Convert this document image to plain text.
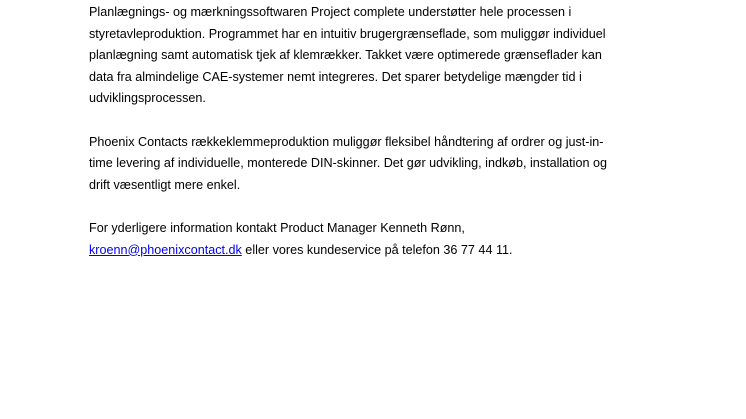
Planlægnings- og mærkningssoftwaren Project complete understøtter hele processen i styretavleproduktion. Programmet har en intuitiv brugergrænseflade, som muliggør individuel planlægning samt automatisk tjek af klemrækker. Takket være optimerede grænseflader kan data fra almindelige CAE-systemer nemt integreres. Det sparer betydelige mængder tid i udviklingsprocessen.

Phoenix Contacts rækkeklemmeproduktion muliggør fleksibel håndtering af ordrer og just-in-time levering af individuelle, monterede DIN-skinner. Det gør udvikling, indkøb, installation og drift væsentligt mere enkel.

For yderligere information kontakt Product Manager Kenneth Rønn,
kroenn@phoenixcontact.dk eller vores kundeservice på telefon 36 77 44 11.
